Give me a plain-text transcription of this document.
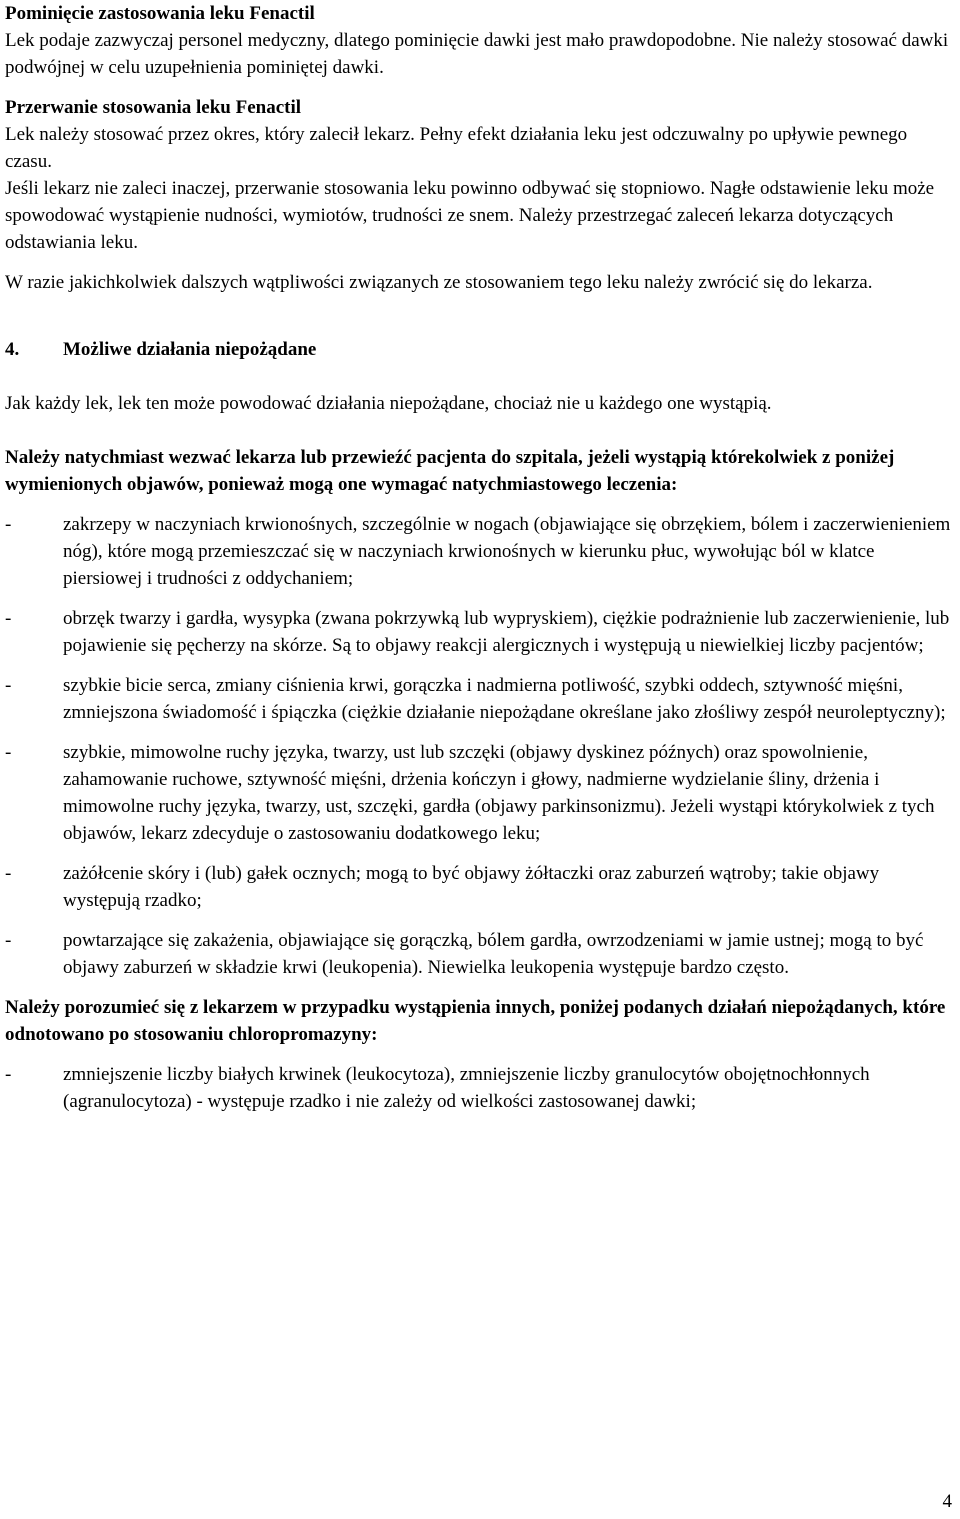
Pominięcie zastosowania leku Fenactil

Lek podaje zazwyczaj personel medyczny, dlatego pominięcie dawki jest mało prawdopodobne. Nie należy stosować dawki podwójnej w celu uzupełnienia pominiętej dawki.

Przerwanie stosowania leku Fenactil

Lek należy stosować przez okres, który zalecił lekarz. Pełny efekt działania leku jest odczuwalny po upływie pewnego czasu.

Jeśli lekarz nie zaleci inaczej, przerwanie stosowania leku powinno odbywać się stopniowo. Nagłe odstawienie leku może spowodować wystąpienie nudności, wymiotów, trudności ze snem. Należy przestrzegać zaleceń lekarza dotyczących odstawiania leku.

W razie jakichkolwiek dalszych wątpliwości związanych ze stosowaniem tego leku należy zwrócić się do lekarza.

4.	Możliwe działania niepożądane

Jak każdy lek, lek ten może powodować działania niepożądane, chociaż nie u każdego one wystąpią.

Należy natychmiast wezwać lekarza lub przewieźć pacjenta do szpitala, jeżeli wystąpią którekolwiek z poniżej wymienionych objawów, ponieważ mogą one wymagać natychmiastowego leczenia:

-	zakrzepy w naczyniach krwionośnych, szczególnie w nogach (objawiające się obrzękiem, bólem i zaczerwienieniem nóg), które mogą przemieszczać się w naczyniach krwionośnych w kierunku płuc, wywołując ból w klatce piersiowej i trudności z oddychaniem;
-	obrzęk twarzy i gardła, wysypka (zwana pokrzywką lub wypryskiem), ciężkie podrażnienie lub zaczerwienienie, lub pojawienie się pęcherzy na skórze. Są to objawy reakcji alergicznych i występują u niewielkiej liczby pacjentów;
-	szybkie bicie serca, zmiany ciśnienia krwi, gorączka i nadmierna potliwość, szybki oddech, sztywność mięśni, zmniejszona świadomość i śpiączka (ciężkie działanie niepożądane określane jako złośliwy zespół neuroleptyczny);
-	szybkie, mimowolne ruchy języka, twarzy, ust lub szczęki (objawy dyskinez późnych) oraz spowolnienie, zahamowanie ruchowe, sztywność mięśni, drżenia kończyn i głowy, nadmierne wydzielanie śliny, drżenia i mimowolne ruchy języka, twarzy, ust, szczęki, gardła (objawy parkinsonizmu). Jeżeli wystąpi którykolwiek z tych objawów, lekarz zdecyduje o zastosowaniu dodatkowego leku;
-	zażółcenie skóry i (lub) gałek ocznych; mogą to być objawy żółtaczki oraz zaburzeń wątroby; takie objawy występują rzadko;
-	powtarzające się zakażenia, objawiające się gorączką, bólem gardła, owrzodzeniami w jamie ustnej; mogą to być objawy zaburzeń w składzie krwi (leukopenia). Niewielka leukopenia występuje bardzo często.

Należy porozumieć się z lekarzem w przypadku wystąpienia innych, poniżej podanych działań niepożądanych, które odnotowano po stosowaniu chloropromazyny:

-	zmniejszenie liczby białych krwinek (leukocytoza), zmniejszenie liczby granulocytów obojętnochłonnych (agranulocytoza) - występuje rzadko i nie zależy od wielkości zastosowanej dawki;
4
